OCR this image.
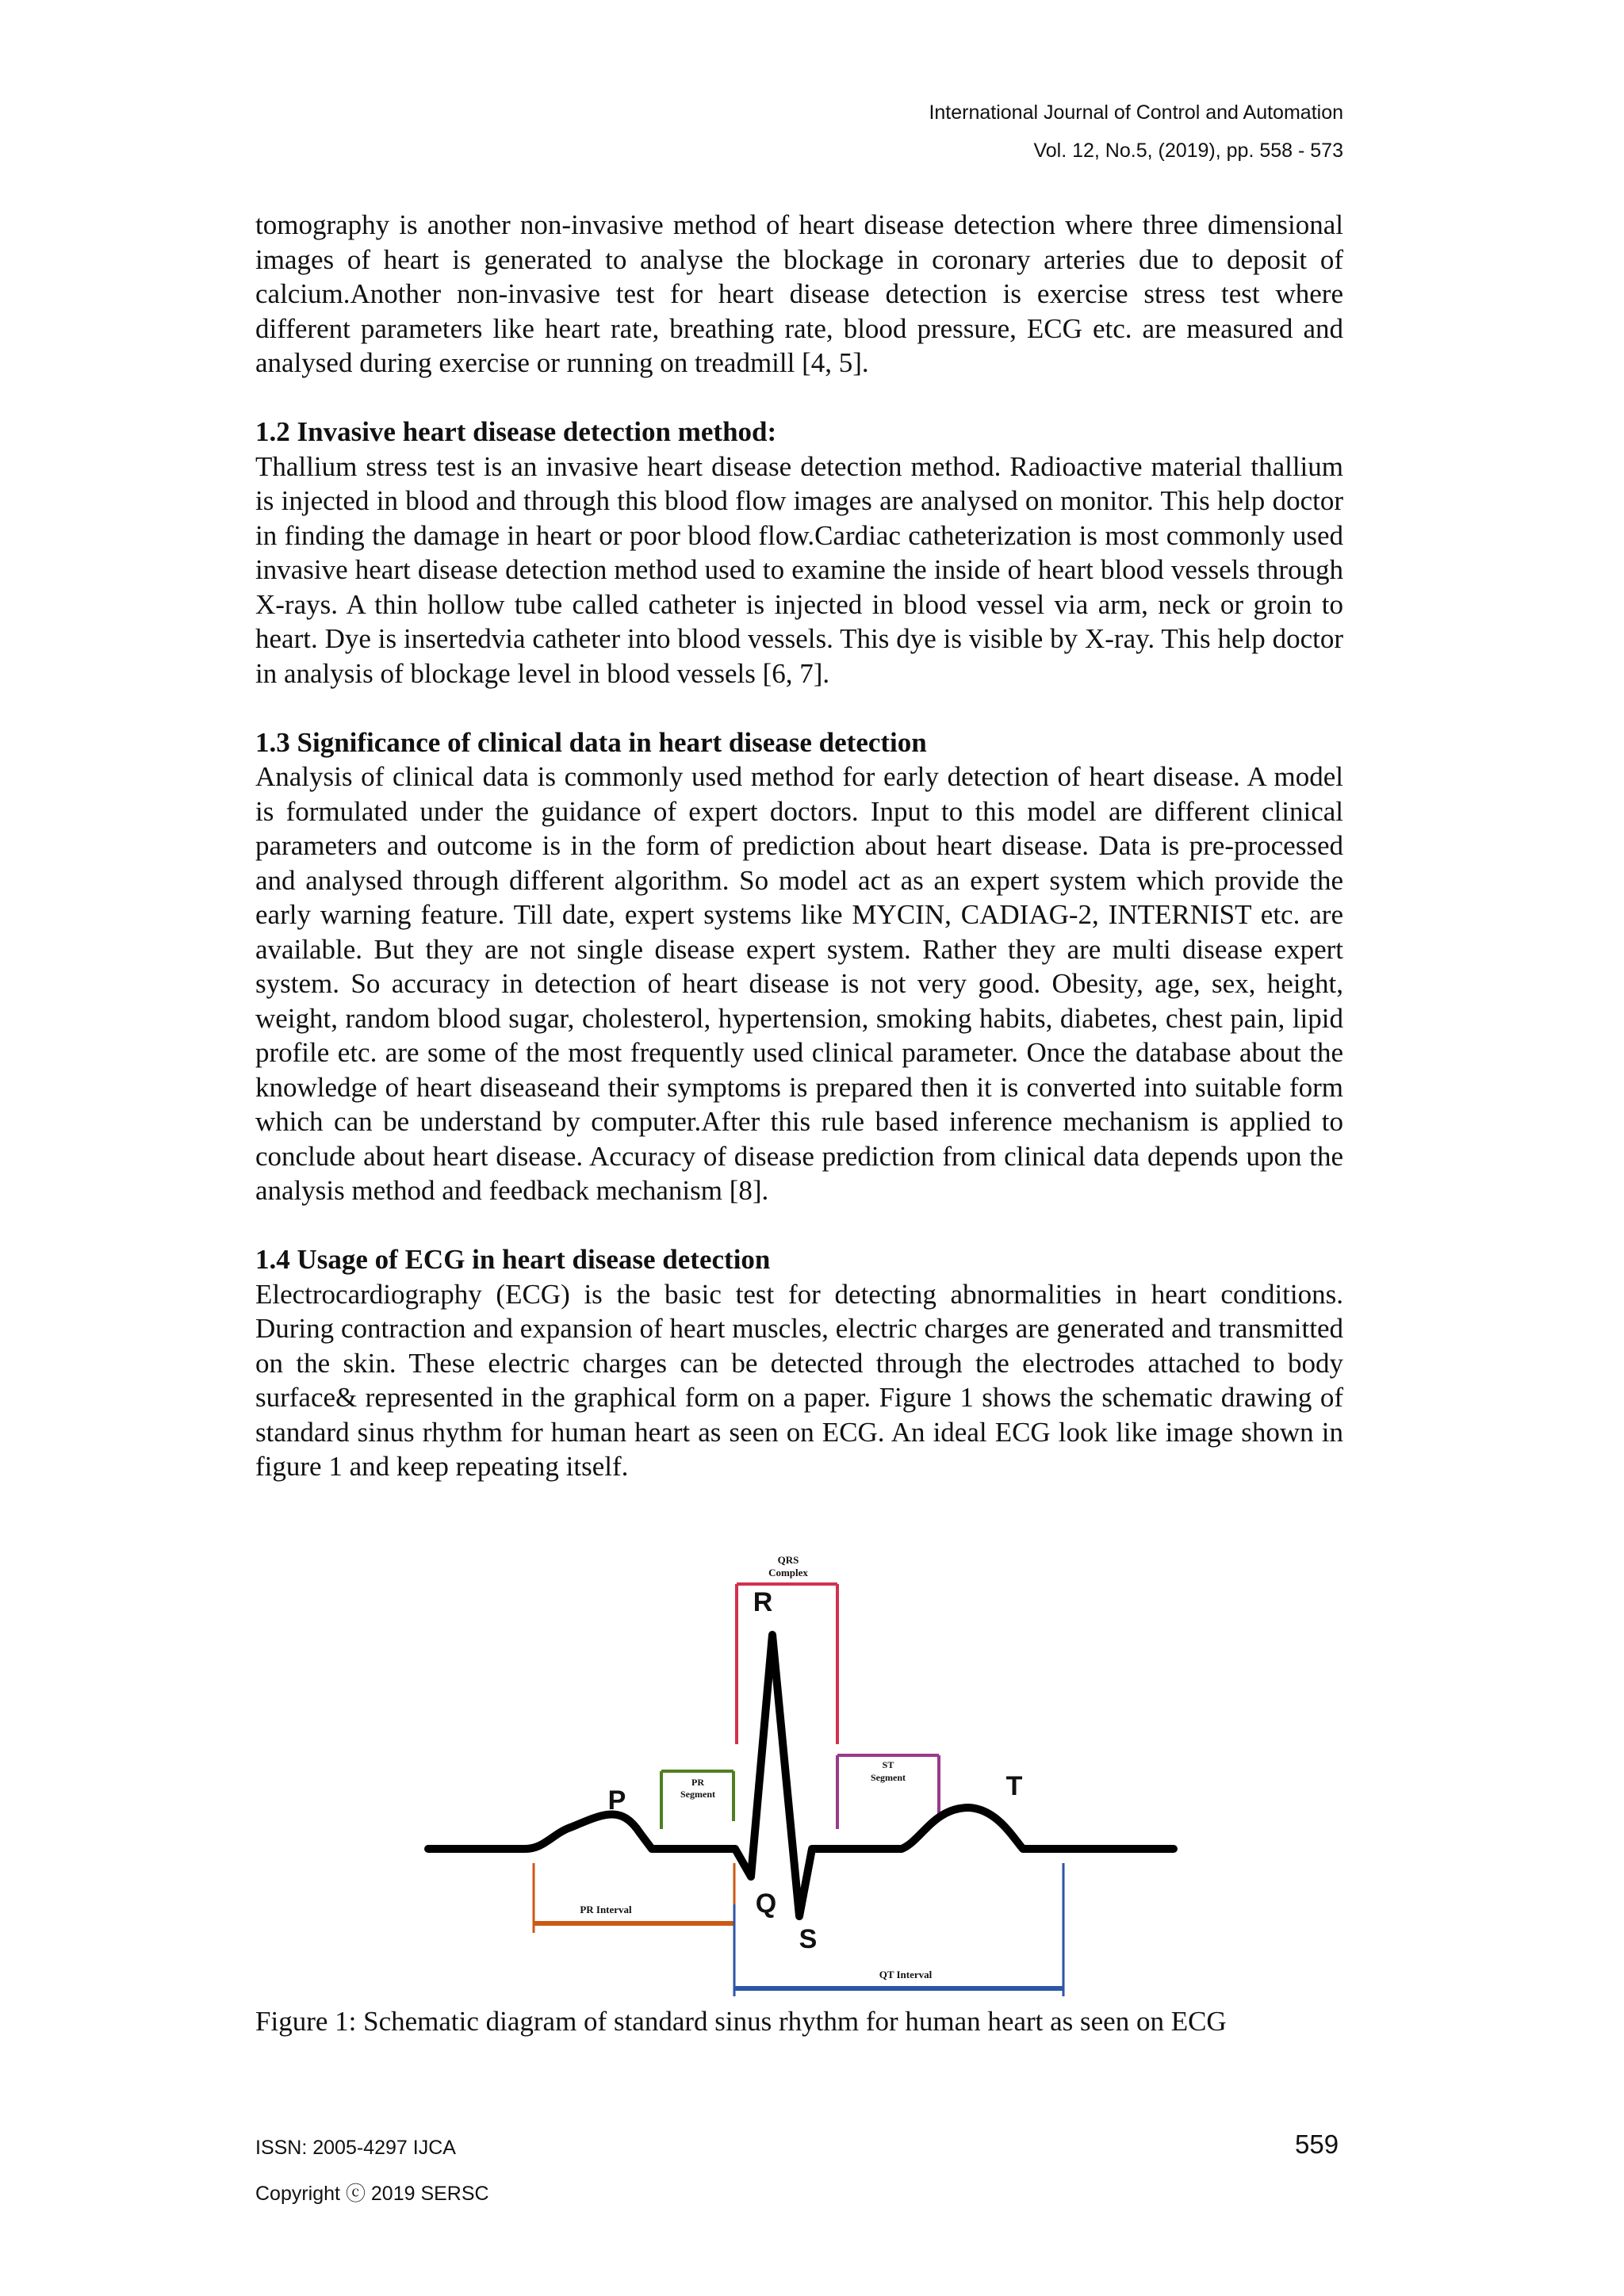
International Journal of Control and Automation
Vol. 12, No.5, (2019), pp. 558 - 573

tomography is another non-invasive method of heart disease detection where three dimensional images of heart is generated to analyse the blockage in coronary arteries due to deposit of calcium.Another non-invasive test for heart disease detection is exercise stress test where different parameters like heart rate, breathing rate, blood pressure, ECG etc. are measured and analysed during exercise or running on treadmill [4, 5].

1.2 Invasive heart disease detection method:

Thallium stress test is an invasive heart disease detection method. Radioactive material thallium is injected in blood and through this blood flow images are analysed on monitor. This help doctor in finding the damage in heart or poor blood flow.Cardiac catheterization is most commonly used invasive heart disease detection method used to examine the inside of heart blood vessels through X-rays. A thin hollow tube called catheter is injected in blood vessel via arm, neck or groin to heart. Dye is insertedvia catheter into blood vessels. This dye is visible by X-ray. This help doctor in analysis of blockage level in blood vessels [6, 7].

1.3 Significance of clinical data in heart disease detection

Analysis of clinical data is commonly used method for early detection of heart disease. A model is formulated under the guidance of expert doctors. Input to this model are different clinical parameters and outcome is in the form of prediction about heart disease. Data is pre-processed and analysed through different algorithm. So model act as an expert system which provide the early warning feature. Till date, expert systems like MYCIN, CADIAG-2, INTERNIST etc. are available. But they are not single disease expert system. Rather they are multi disease expert system. So accuracy in detection of heart disease is not very good. Obesity, age, sex, height, weight, random blood sugar, cholesterol, hypertension, smoking habits, diabetes, chest pain, lipid profile etc. are some of the most frequently used clinical parameter. Once the database about the knowledge of heart diseaseand their symptoms is prepared then it is converted into suitable form which can be understand by computer.After this rule based inference mechanism is applied to conclude about heart disease. Accuracy of disease prediction from clinical data depends upon the analysis method and feedback mechanism [8].

1.4 Usage of ECG in heart disease detection

Electrocardiography (ECG) is the basic test for detecting abnormalities in heart conditions. During contraction and expansion of heart muscles, electric charges are generated and transmitted on the skin. These electric charges can be detected through the electrodes attached to body surface& represented in the graphical form on a paper. Figure 1 shows the schematic drawing of standard sinus rhythm for human heart as seen on ECG. An ideal ECG look like image shown in figure 1 and keep repeating itself.

P
R
Q
S
T
QRS
Complex
PR
Segment
ST
Segment
PR Interval
QT Interval
Figure 1: Schematic diagram of standard sinus rhythm for human heart as seen on ECG
ISSN: 2005-4297 IJCA
Copyright ⓒ 2019 SERSC
559
